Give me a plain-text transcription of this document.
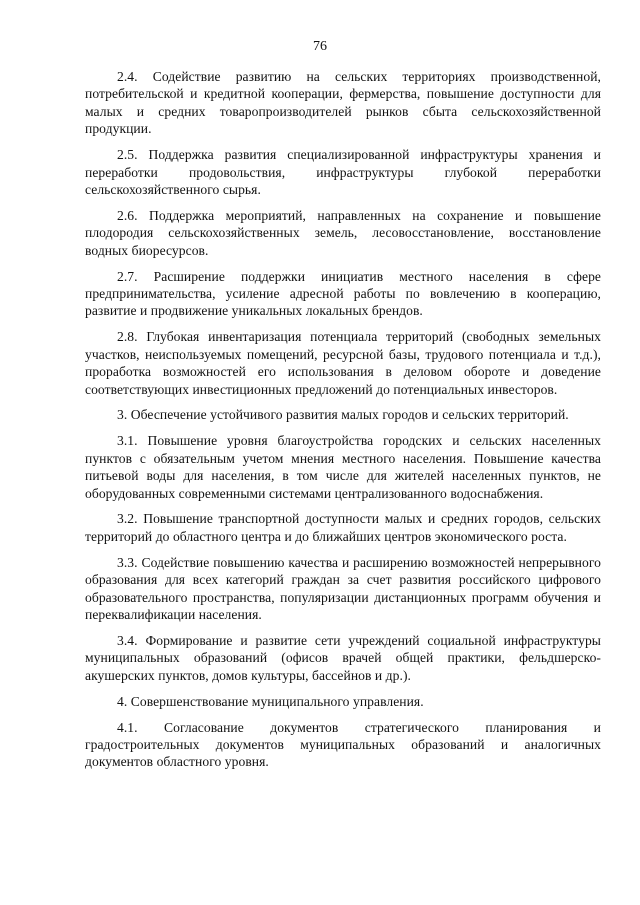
76

2.4. Содействие развитию на сельских территориях производственной, потребительской и кредитной кооперации, фермерства, повышение доступности для малых и средних товаропроизводителей рынков сбыта сельскохозяйственной продукции.

2.5. Поддержка развития специализированной инфраструктуры хранения и переработки продовольствия, инфраструктуры глубокой переработки сельскохозяйственного сырья.

2.6. Поддержка мероприятий, направленных на сохранение и повышение плодородия сельскохозяйственных земель, лесовосстановление, восстановление водных биоресурсов.

2.7. Расширение поддержки инициатив местного населения в сфере предпринимательства, усиление адресной работы по вовлечению в кооперацию, развитие и продвижение уникальных локальных брендов.

2.8. Глубокая инвентаризация потенциала территорий (свободных земельных участков, неиспользуемых помещений, ресурсной базы, трудового потенциала и т.д.), проработка возможностей его использования в деловом обороте и доведение соответствующих инвестиционных предложений до потенциальных инвесторов.

3. Обеспечение устойчивого развития малых городов и сельских территорий.

3.1. Повышение уровня благоустройства городских и сельских населенных пунктов с обязательным учетом мнения местного населения. Повышение качества питьевой воды для населения, в том числе для жителей населенных пунктов, не оборудованных современными системами централизованного водоснабжения.

3.2. Повышение транспортной доступности малых и средних городов, сельских территорий до областного центра и до ближайших центров экономического роста.

3.3. Содействие повышению качества и расширению возможностей непрерывного образования для всех категорий граждан за счет развития российского цифрового образовательного пространства, популяризации дистанционных программ обучения и переквалификации населения.

3.4. Формирование и развитие сети учреждений социальной инфраструктуры муниципальных образований (офисов врачей общей практики, фельдшерско-акушерских пунктов, домов культуры, бассейнов и др.).

4. Совершенствование муниципального управления.

4.1. Согласование документов стратегического планирования и градостроительных документов муниципальных образований и аналогичных документов областного уровня.
